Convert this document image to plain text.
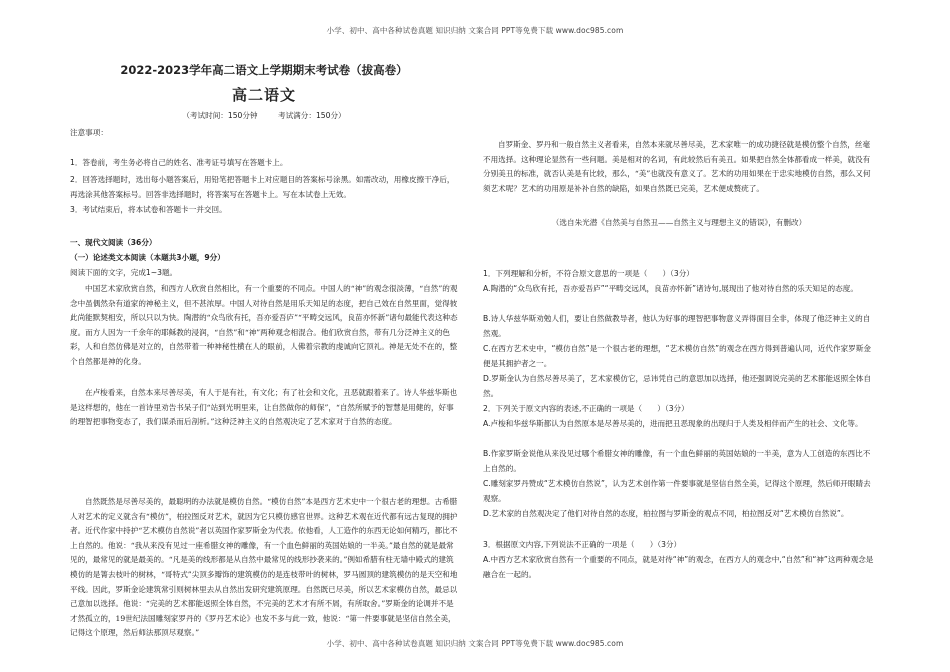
小学、初中、高中各种试卷真题 知识归纳 文案合同 PPT等免费下载 www.doc985.com
2022-2023学年高二语文上学期期末考试卷（拔高卷）
高二语文
（考试时间：150分钟	考试满分：150分）

注意事项：

1．答卷前，考生务必将自己的姓名、准考证号填写在答题卡上。

2．回答选择题时，选出每小题答案后，用铅笔把答题卡上对应题目的答案标号涂黑。如需改动，用橡皮擦干净后，再选涂其他答案标号。回答非选择题时，将答案写在答题卡上。写在本试卷上无效。

3．考试结束后，将本试卷和答题卡一并交回。

一、现代文阅读（36分）

（一）论述类文本阅读（本题共3小题，9分）

阅读下面的文字，完成1~3题。

中国艺术家欣赏自然，和西方人欣赏自然相比，有一个重要的不同点。中国人的“神”的观念很淡薄，“自然”的观念中虽偶然杂有道家的神秘主义，但不甚浓厚。中国人对待自然是用乐天知足的态度，把自己效在自然里面，觉得彼此尚能默契相安，所以只以为快。陶潜的“众鸟欣有托，吾亦爱吾庐”“平畴交远风，良苗亦怀新”诸句最能代表这种态度。而方人因为一千余年的耶稣教的浸润，“自然”和“神”两种观念相混合。他们欣赏自然，带有几分泛神主义的色彩，人和自然仿佛是对立的，自然带着一种神秘性横在人的眼前，人佛着宗教的虔诚向它顶礼。神是无处不在的，整个自然都是神的化身。

在卢梭看来，自然本来尽善尽美，有人于是有社，有文化；有了社会和文化，丑恶就跟着来了。诗人华兹华斯也是这样想的，他在一首诗里劝告书呆子们“站到光明里来，让自然做你的师保”，“自然所赋予的智慧是用健的，好事的理智把事物变态了，我们谋杀而后剖析。”这种泛神主义的自然观决定了艺术家对于自然的态度。

自然既然是尽善尽美的，最聪明的办法就是模仿自然。“模仿自然”本是西方艺术史中一个很古老的理想。古希腊人对艺术的定义就含有“模仿”，柏拉图反对艺术，就因为它只模仿感官世界。这种艺术观在近代都有远古复现的拥护者。近代作家中持护“艺术模仿自然说”者以英国作家罗斯金为代表。依他看，人工造作的东西无论如何精巧，都比不上自然的。他说：“我从来没有见过一座希腊女神的雕像，有一个血色鲜丽的英国姑娘的一半美。”最自然的就是最常见的，最常见的就是最美的。“凡是美的线形都是从自然中最常见的线形抄袭来的。”例如希腊有柱无墙中殿式的建筑模仿的是箐去枝叶的树林，“哥特式”尖顶多瓣饰的建筑模仿的是连枝带叶的树林，罗马圆顶的建筑模仿的是天空和地平线。因此，罗斯金论建筑常引则树林里去从自然出发研究建筑原理。自然既已尽美，所以艺术家模仿自然，最忌以己意加以选择。他说：“完美的艺术都能返照全体自然，不完美的艺术才有所不屑，有所取舍。”罗斯金的论调并不是才然孤立的，19世纪法国雕刻家罗丹的《罗丹艺术论》也发不多与此一致，他说：“第一件要事就是坚信自然全美，记得这个原理，然后师法那顶尽观察。”

自罗斯金、罗丹和一般自然主义者看来，自然本来就尽善尽美，艺术家唯一的成功捷径就是模仿整个自然，丝毫不用选择。这种理论显然有一些问题。美是相对的名词，有此较然后有美丑。如果把自然全体都看成一样美，就没有分别美丑的标准，就否认美是有比较，那么，“美”也就没有意义了。艺术的功用如果在于忠实地模仿自然，那么又何须艺术呢？艺术的功用原是补补自然的缺陷，如果自然既已完美，艺术便成赘疣了。

（选自朱光潜《自然美与自然丑——自然主义与理想主义的错误》，有删改）

1．下列理解和分析，不符合原文意思的一项是（　　）（3分）

A.陶潜的“众鸟欣有托，吾亦爱吾庐”“平畴交远风，良苗亦怀新”诸诗句,展现出了他对待自然的乐天知足的态度。

B.诗人华兹华斯劝勉人们，要让自然做教导者，他认为好事的理智把事物意义弄得面目全非，体现了他泛神主义的自然观。

C.在西方艺术史中，“模仿自然”是一个很古老的理想，“艺术模仿自然”的观念在西方得到普遍认同，近代作家罗斯金便是其拥护者之一。

D.罗斯金认为自然尽善尽美了，艺术家模仿它，忌讳凭自己的意思加以选择，他还强调说完美的艺术都能返照全体自然。

2．下列关于原文内容的表述,不正确的一项是（　　）（3分）

A.卢梭和华兹华斯都认为自然原本是尽善尽美的，进而把丑恶现象的出现归于人类及相伴而产生的社会、文化等。

B.作家罗斯金说他从来没见过哪个希腊女神的雕像，有一个血色鲜丽的英国姑娘的一半美，意为人工创造的东西比不上自然的。

C.雕刻家罗丹赞成“艺术模仿自然说”，认为艺术创作第一件要事就是坚信自然全美，记得这个原理，然后师开眼睛去观察。

D.艺术家的自然观决定了他们对待自然的态度，柏拉图与罗斯金的观点不同，柏拉图反对“艺术模仿自然说”。

3．根据原文内容,下列说法不正确的一项是（　　）（3分）

A.中西方艺术家欣赏自然有一个重要的不同点，就是对待“神”的观念，在西方人的观念中,“自然”和“神”这两种观念是融合在一起的。

小学、初中、高中各种试卷真题 知识归纳 文案合同 PPT等免费下载 www.doc985.com
